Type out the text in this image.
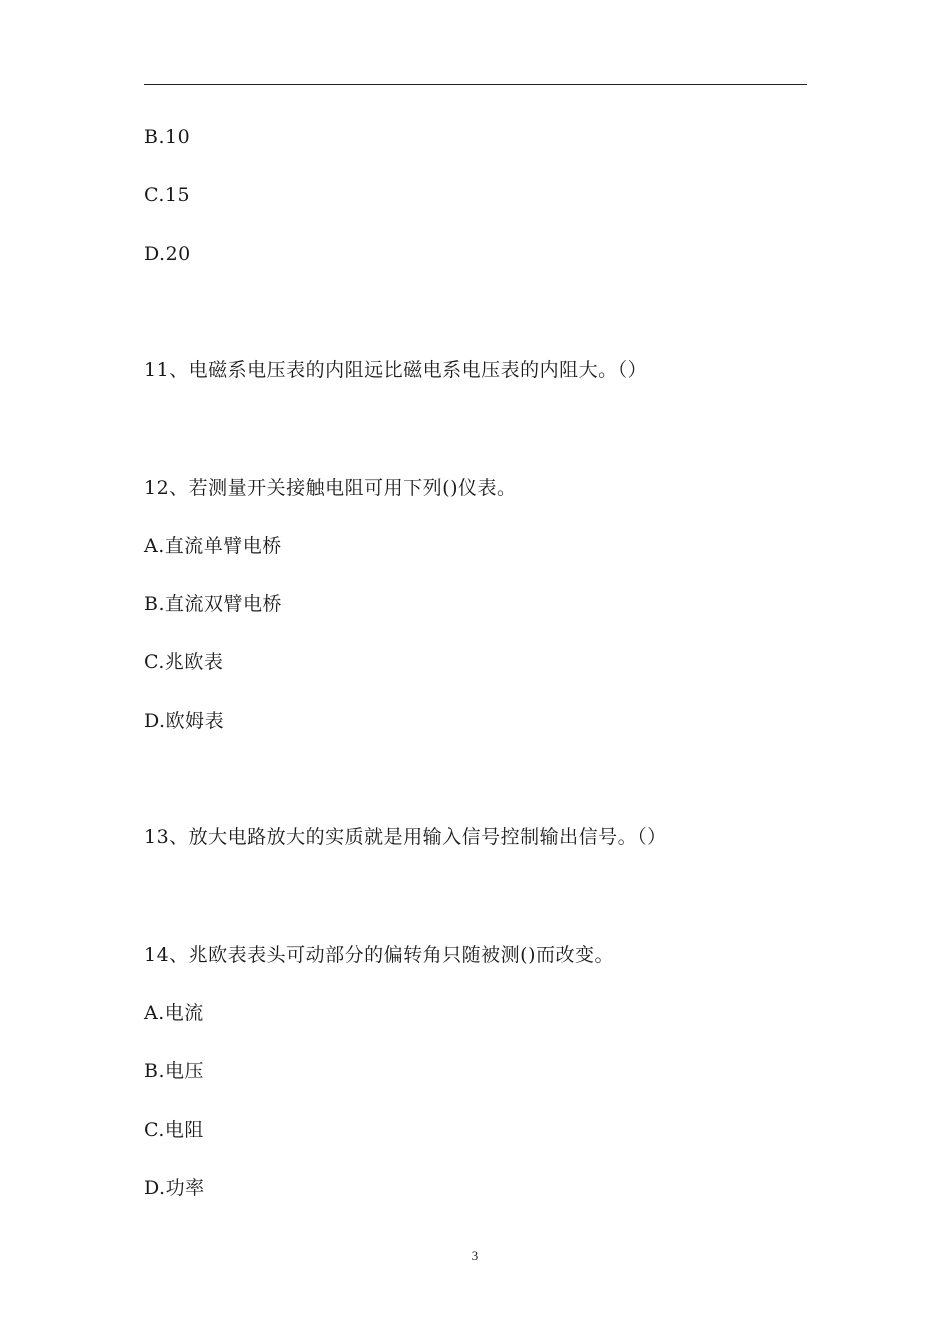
B.10
C.15
D.20
11、电磁系电压表的内阻远比磁电系电压表的内阻大。（）
12、若测量开关接触电阻可用下列()仪表。
A.直流单臂电桥
B.直流双臂电桥
C.兆欧表
D.欧姆表
13、放大电路放大的实质就是用输入信号控制输出信号。（）
14、兆欧表表头可动部分的偏转角只随被测()而改变。
A.电流
B.电压
C.电阻
D.功率
3
